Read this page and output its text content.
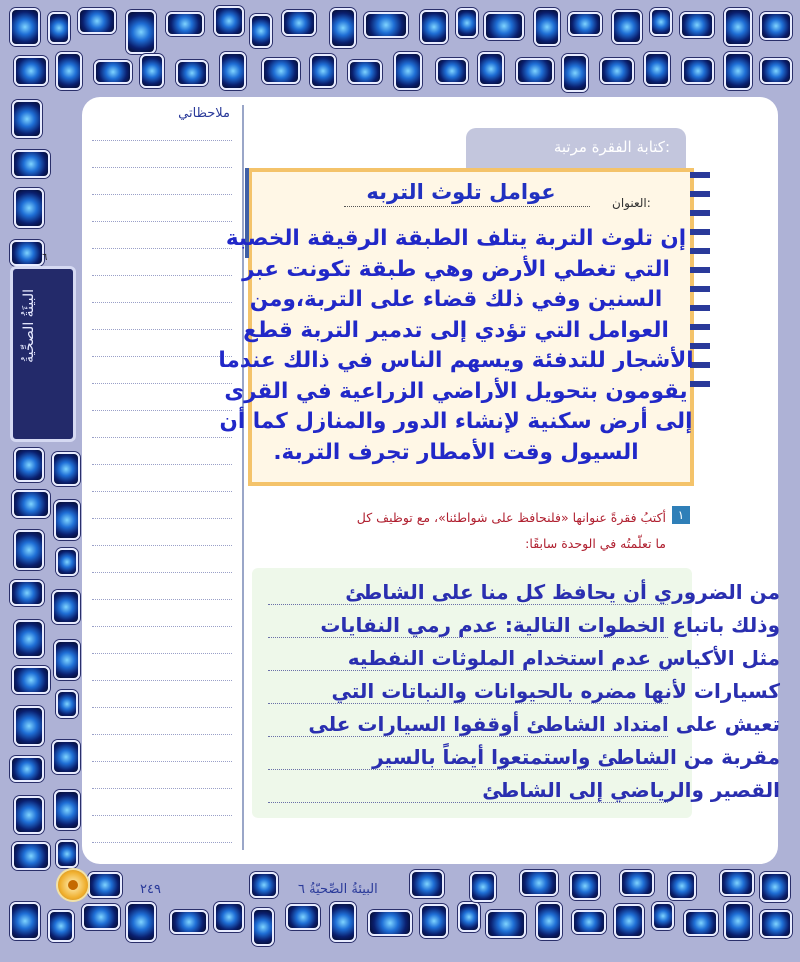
ملاحظاتي
٦
البيئَةُ الصحِّيةُ
كتابة الفقرة مرتبة:
العنوان:
عوامل تلوث التربه
إن تلوث التربة يتلف الطبقة الرقيقة الخصبة التي تغطي الأرض وهي طبقة تكونت عبر السنين وفي ذلك قضاء على التربة،ومن العوامل التي تؤدي إلى تدمير التربة قطع الأشجار للتدفئة ويسهم الناس في ذالك عندما يقومون بتحويل الأراضي الزراعية في القرى إلى أرض سكنية لإنشاء الدور والمنازل كما أن السيول وقت الأمطار تجرف التربة.
١
أكتبُ فقرةً عنوانها «فلنحافظ على شواطئنا»، مع توظيف كل
ما تعلّمتُه في الوحدة سابقًا:
من الضروري أن يحافظ كل منا على الشاطئ
وذلك باتباع الخطوات التالية: عدم رمي النفايات
مثل الأكياس عدم استخدام الملوثات النفطيه
كسيارات لأنها مضره بالحيوانات والنباتات التي
تعيش على امتداد الشاطئ أوقفوا السيارات على
مقربة من الشاطئ واستمتعوا أيضاً بالسير
القصير والرياضي إلى الشاطئ
٢٤٩	البيئةُ الصِّحيّةُ ٦
